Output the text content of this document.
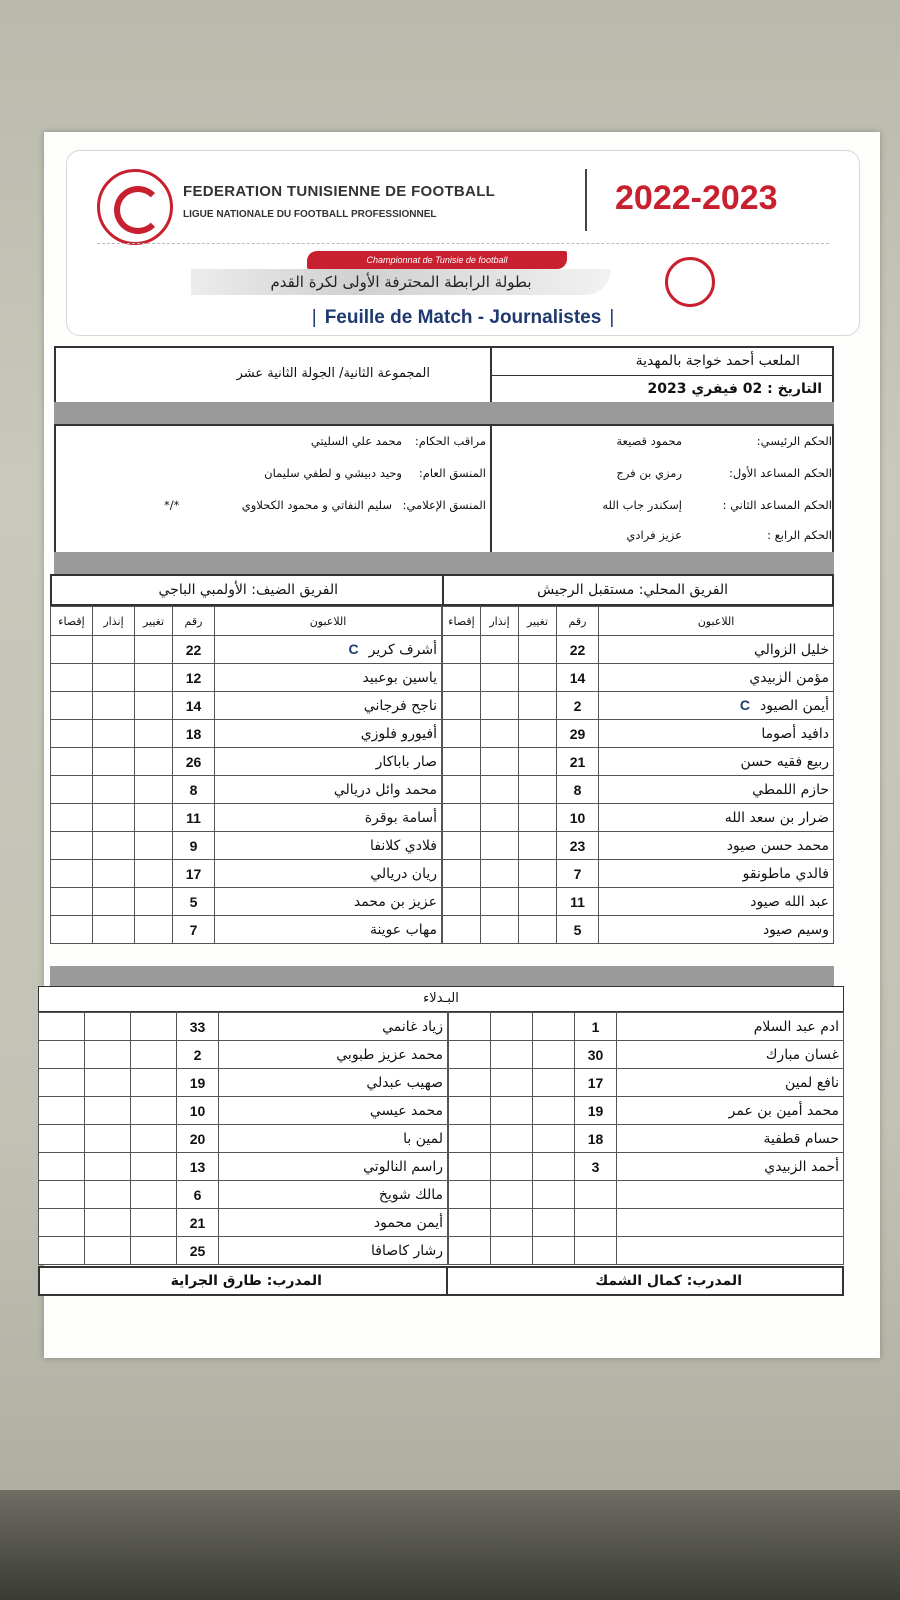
FEDERATION TUNISIENNE DE FOOTBALL
LIGUE NATIONALE DU FOOTBALL PROFESSIONNEL	2022-2023
Championnat de Tunisie de football
بطولة الرابطة المحترفة الأولى لكرة القدم
| Feuille de Match - Journalistes |
الملعب أحمد خواجة بالمهدية
التاريخ : 02 فيفري 2023
المجموعة الثانية/ الجولة الثانية عشر
الحكم الرئيسي:
محمود قصيعة
الحكم المساعد الأول:
رمزي بن فرج
الحكم المساعد الثاني :
إسكندر جاب الله
الحكم الرابع :
عزيز فرادي
مراقب الحكام:
محمد علي السليتي
المنسق العام:
وحيد دبيشي و لطفي سليمان
المنسق الإعلامي:
سليم النفاتي و محمود الكحلاوي
*/*
الفريق المحلي: مستقبل الرجيش
الفريق الضيف: الأولمبي الباجي
إقصاء	إنذار	تغيير	رقم	اللاعبون
			22	خليل الزوالي
			14	مؤمن الزبيدي
			2	أيمن الصيودC
			29	دافيد أصوما
			21	ربيع فقيه حسن
			8	حازم اللمطي
			10	ضرار بن سعد الله
			23	محمد حسن صيود
			7	فالدي ماطونقو
			11	عبد الله صيود
			5	وسيم صيود
إقصاء	إنذار	تغيير	رقم	اللاعبون
			22	أشرف كريرC
			12	ياسين بوعبيد
			14	ناجح فرجاني
			18	أفيورو فلوزي
			26	صار باباكار
			8	محمد وائل دريالي
			11	أسامة بوقرة
			9	فلادي كلانفا
			17	ريان دريالي
			5	عزيز بن محمد
			7	مهاب عوينة
البـدلاء
			1	ادم عبد السلام
			30	غسان مبارك
			17	نافع لمين
			19	محمد أمين بن عمر
			18	حسام قطفية
			3	أحمد الزبيدي

			33	زياد غانمي
			2	محمد عزيز طبوبي
			19	صهيب عبدلي
			10	محمد عيسي
			20	لمين با
			13	راسم النالوتي
			6	مالك شويخ
			21	أيمن محمود
			25	رشار كاصافا
المدرب: كمال الشمك
المدرب: طارق الجراية
